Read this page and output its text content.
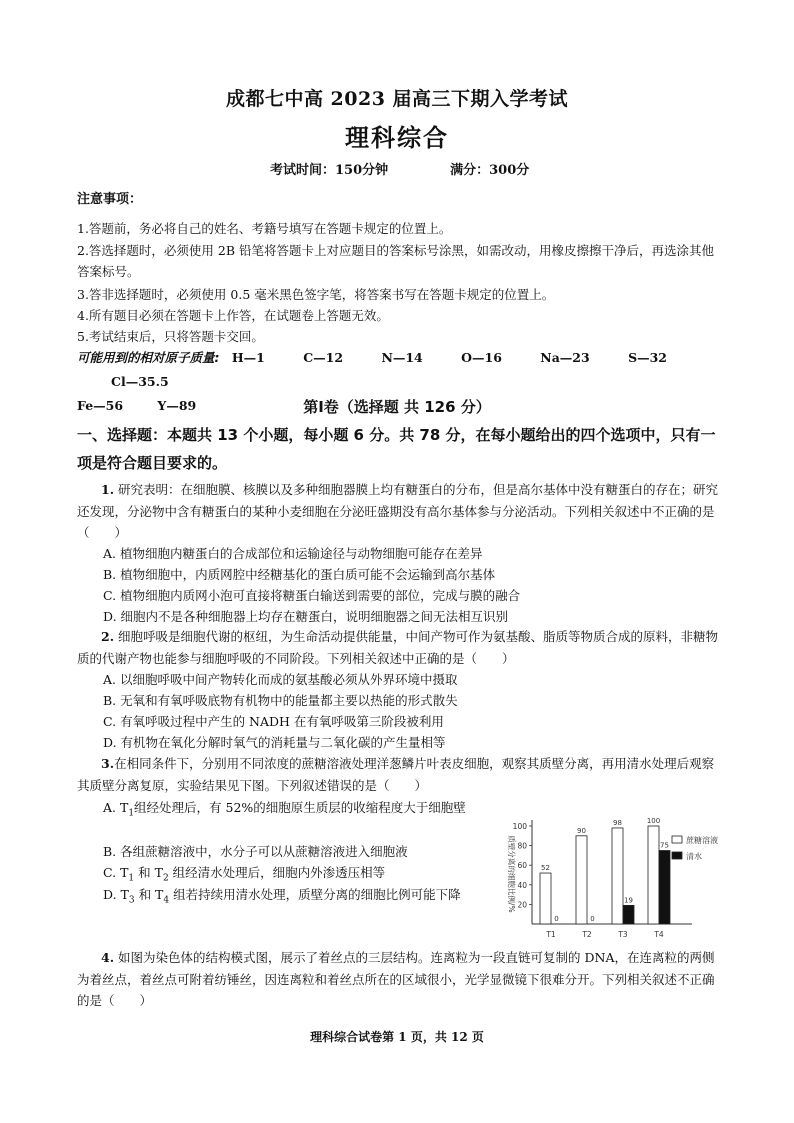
成都七中高 2023 届高三下期入学考试
理科综合
考试时间：150分钟	满分：300分
注意事项：
1.答题前，务必将自己的姓名、考籍号填写在答题卡规定的位置上。
2.答选择题时，必须使用 2B 铅笔将答题卡上对应题目的答案标号涂黑，如需改动，用橡皮擦擦干净后，再选涂其他答案标号。
3.答非选择题时，必须使用 0.5 毫米黑色签字笔，将答案书写在答题卡规定的位置上。
4.所有题目必须在答题卡上作答，在试题卷上答题无效。
5.考试结束后，只将答题卡交回。
可能用到的相对原子质量: H—1	C—12	N—14	O—16	Na—23	S—32 Cl—35.5
Fe—56	Y—89	第Ⅰ卷（选择题 共 126 分）
一、选择题：本题共 13 个小题，每小题 6 分。共 78 分，在每小题给出的四个选项中，只有一项是符合题目要求的。
1. 研究表明：在细胞膜、核膜以及多种细胞器膜上均有糖蛋白的分布，但是高尔基体中没有糖蛋白的存在；研究还发现，分泌物中含有糖蛋白的某种小麦细胞在分泌旺盛期没有高尔基体参与分泌活动。下列相关叙述中不正确的是（　　）
A. 植物细胞内糖蛋白的合成部位和运输途径与动物细胞可能存在差异
B. 植物细胞中，内质网腔中经糖基化的蛋白质可能不会运输到高尔基体
C. 植物细胞内质网小泡可直接将糖蛋白输送到需要的部位，完成与膜的融合
D. 细胞内不是各种细胞器上均存在糖蛋白，说明细胞器之间无法相互识别
2. 细胞呼吸是细胞代谢的枢纽，为生命活动提供能量，中间产物可作为氨基酸、脂质等物质合成的原料，非糖物质的代谢产物也能参与细胞呼吸的不同阶段。下列相关叙述中正确的是（　　）
A. 以细胞呼吸中间产物转化而成的氨基酸必须从外界环境中摄取
B. 无氧和有氧呼吸底物有机物中的能量都主要以热能的形式散失
C. 有氧呼吸过程中产生的 NADH 在有氧呼吸第三阶段被利用
D. 有机物在氧化分解时氧气的消耗量与二氧化碳的产生量相等
3.在相同条件下，分别用不同浓度的蔗糖溶液处理洋葱鳞片叶表皮细胞，观察其质壁分离，再用清水处理后观察其质壁分离复原，实验结果见下图。下列叙述错误的是（　　）
A. $T_1$组经处理后，有 52%的细胞原生质层的收缩程度大于细胞壁
B. 各组蔗糖溶液中，水分子可以从蔗糖溶液进入细胞液
C. $T_1$ 和 $T_2$ 组经清水处理后，细胞内外渗透压相等
D. $T_3$ 和 $T_4$ 组若持续用清水处理，质壁分离的细胞比例可能下降	质壁分离的细胞比例/% 20
40
60
80
100
52
0
T1
90
0
T2
98
19
T3
100
75
T4
蔗糖溶液
清水
4. 如图为染色体的结构模式图，展示了着丝点的三层结构。连离粒为一段直链可复制的 DNA，在连离粒的两侧为着丝点，着丝点可附着纺锤丝，因连离粒和着丝点所在的区域很小，光学显微镜下很难分开。下列相关叙述不正确的是（　　）
理科综合试卷第 1 页，共 12 页
